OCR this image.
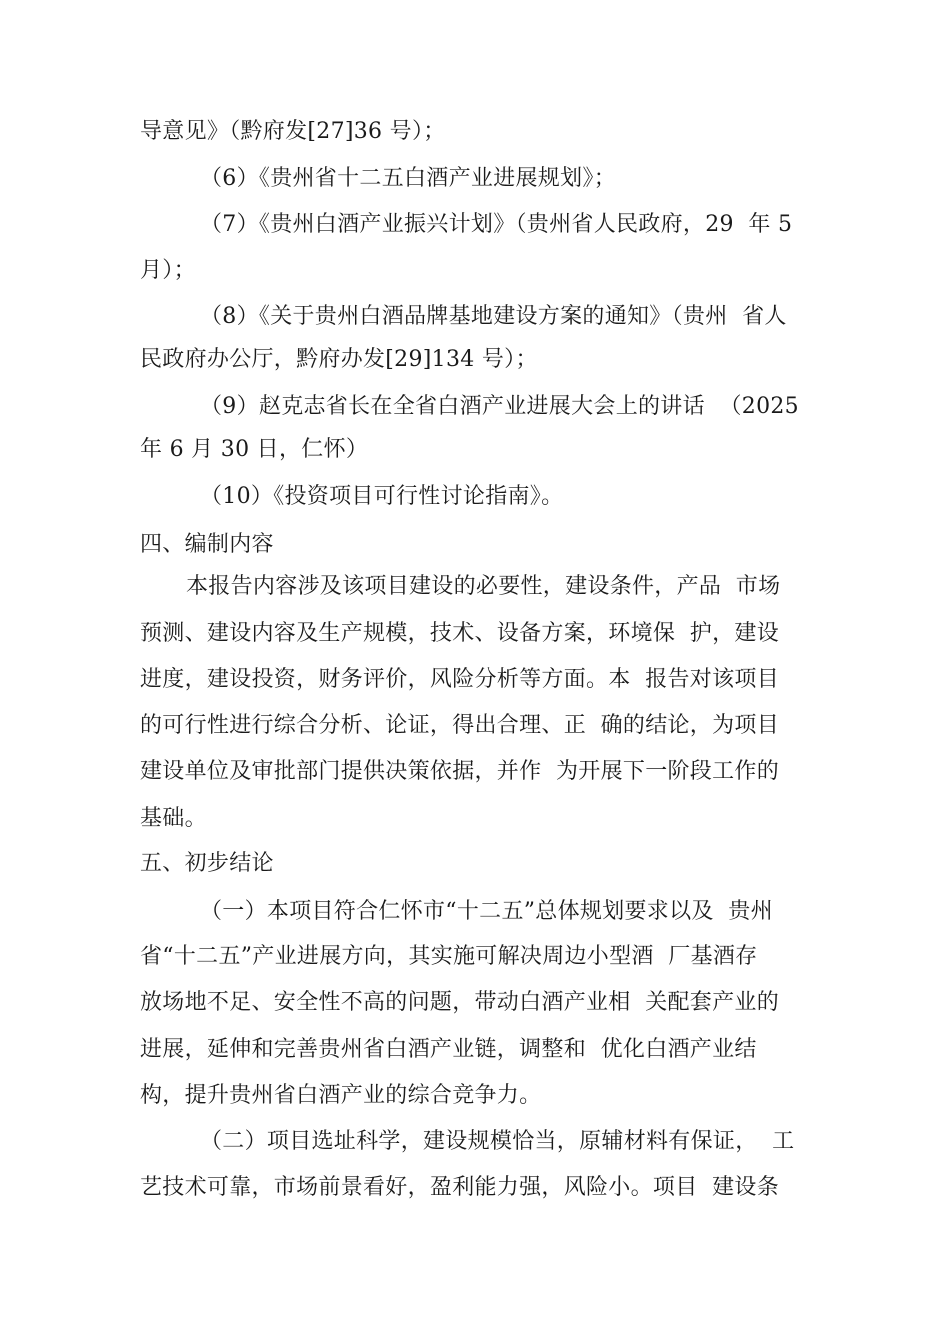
导意见》（黔府发[27]36 号）；
（6）《贵州省十二五白酒产业进展规划》；
（7）《贵州白酒产业振兴计划》（贵州省人民政府，29  年 5
月）；
（8）《关于贵州白酒品牌基地建设方案的通知》（贵州  省人
民政府办公厅，黔府办发[29]134 号）；
（9）赵克志省长在全省白酒产业进展大会上的讲话  （2025
年 6 月 30 日，仁怀）
（10）《投资项目可行性讨论指南》。
四、编制内容
本报告内容涉及该项目建设的必要性，建设条件，产品  市场
预测、建设内容及生产规模，技术、设备方案，环境保  护，建设
进度，建设投资，财务评价，风险分析等方面。本  报告对该项目
的可行性进行综合分析、论证，得出合理、正  确的结论，为项目
建设单位及审批部门提供决策依据，并作  为开展下一阶段工作的
基础。
五、初步结论
（一）本项目符合仁怀市“十二五”总体规划要求以及  贵州
省“十二五”产业进展方向，其实施可解决周边小型酒  厂基酒存
放场地不足、安全性不高的问题，带动白酒产业相  关配套产业的
进展，延伸和完善贵州省白酒产业链，调整和  优化白酒产业结
构，提升贵州省白酒产业的综合竞争力。
（二）项目选址科学，建设规模恰当，原辅材料有保证，  工
艺技术可靠，市场前景看好，盈利能力强，风险小。项目  建设条
